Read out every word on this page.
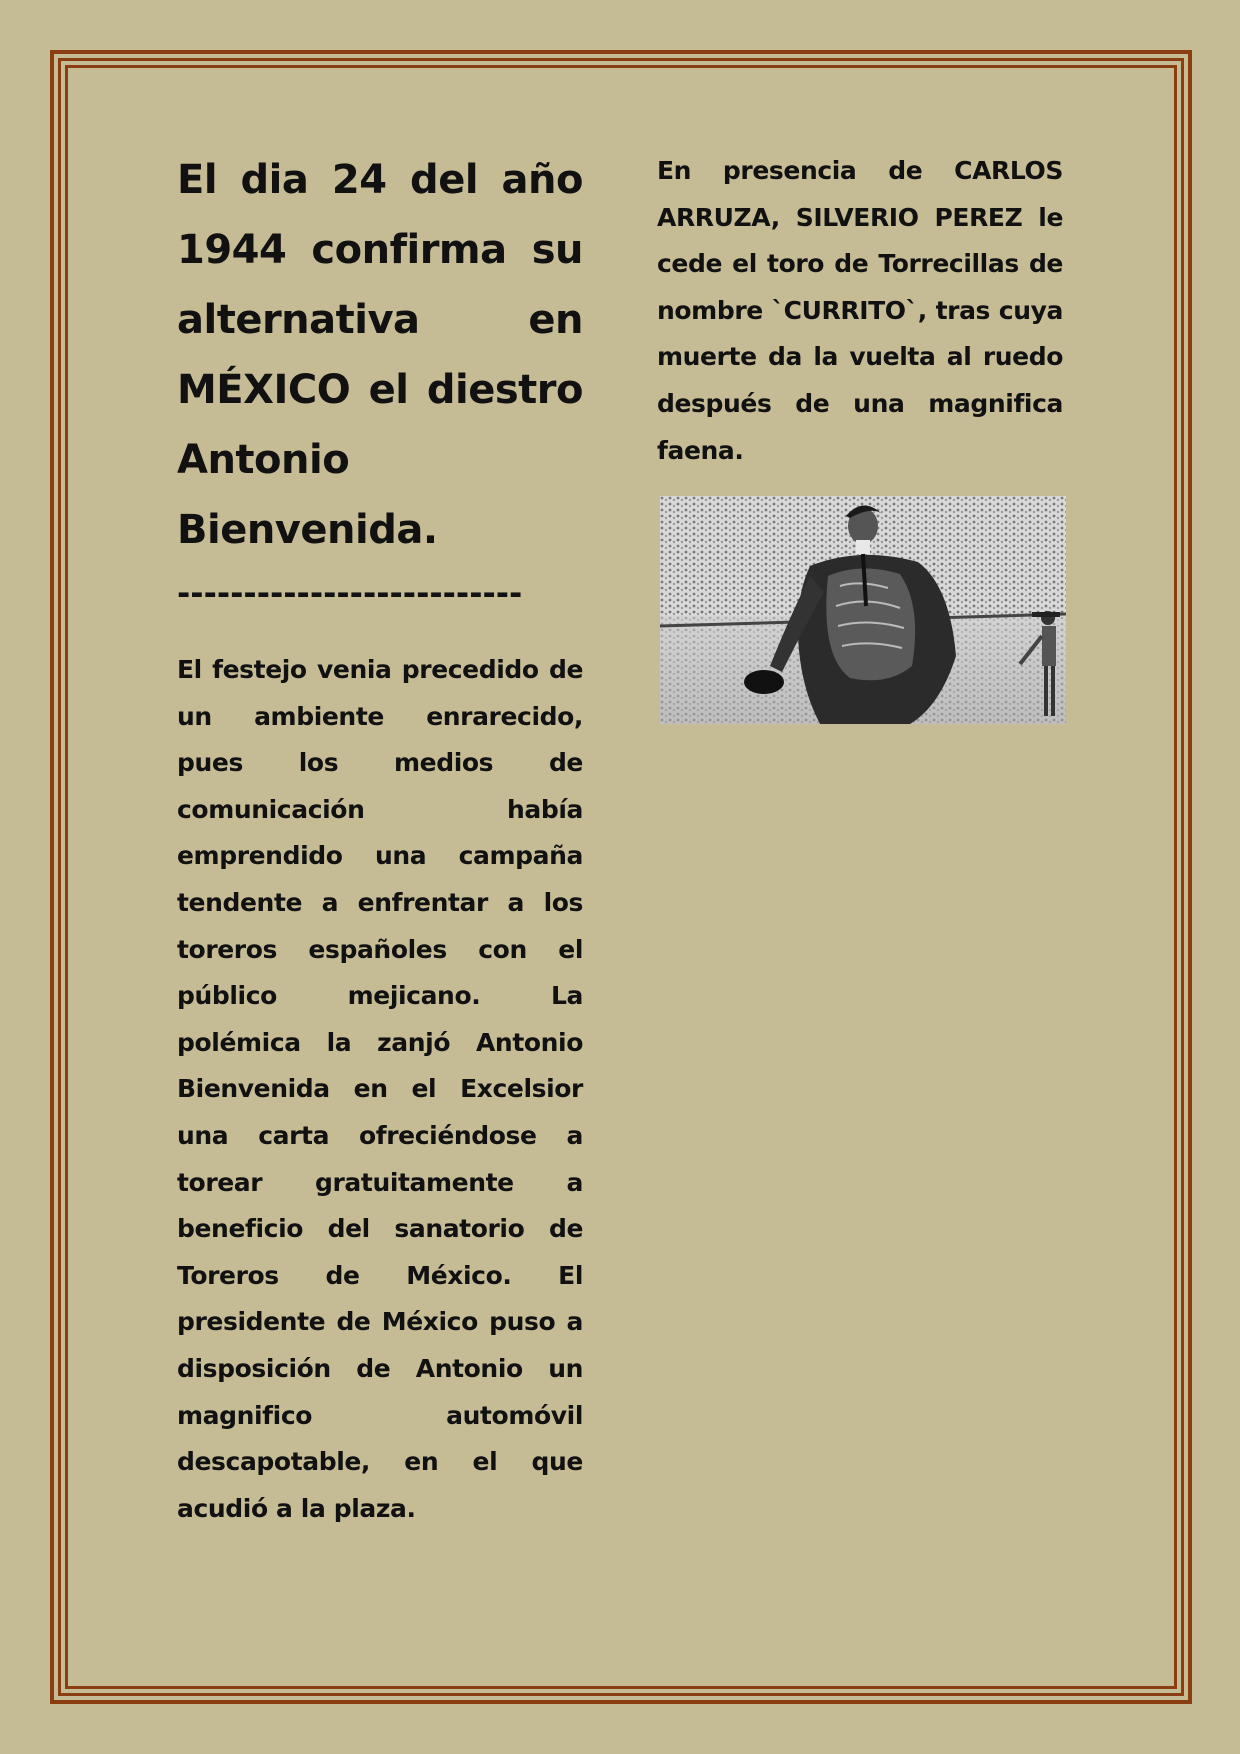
El dia 24 del año 1944 confirma su alternativa en MÉXICO el diestro Antonio Bienvenida.
--------------------------

El festejo venia precedido de un ambiente enrarecido, pues los medios de comunicación había emprendido una campaña tendente a enfrentar a los toreros españoles con el público mejicano. La polémica la zanjó Antonio Bienvenida en el Excelsior una carta ofreciéndose a torear gratuitamente a beneficio del sanatorio de Toreros de México. El presidente de México puso a disposición de Antonio un magnifico automóvil descapotable, en el que acudió a la plaza.

En presencia de CARLOS ARRUZA, SILVERIO PEREZ le cede el toro de Torrecillas de nombre `CURRITO`, tras cuya muerte da la vuelta al ruedo después de una magnifica faena.
